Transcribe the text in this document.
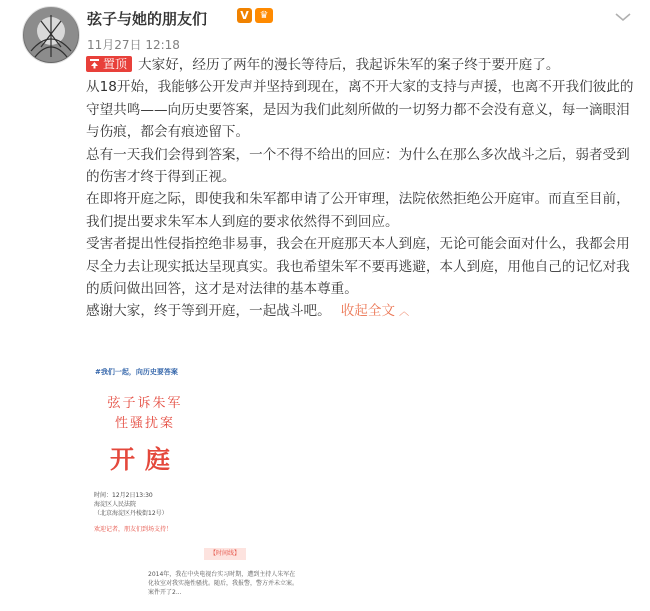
弦子与她的朋友们	V	♛
11月27日 12:18

置顶 大家好，经历了两年的漫长等待后，我起诉朱军的案子终于要开庭了。

从18开始，我能够公开发声并坚持到现在，离不开大家的支持与声援，也离不开我们彼此的守望共鸣——向历史要答案，是因为我们此刻所做的一切努力都不会没有意义，每一滴眼泪与伤痕，都会有痕迹留下。

总有一天我们会得到答案，一个不得不给出的回应：为什么在那么多次战斗之后，弱者受到的伤害才终于得到正视。

在即将开庭之际，即使我和朱军都申请了公开审理，法院依然拒绝公开庭审。而直至目前，我们提出要求朱军本人到庭的要求依然得不到回应。

受害者提出性侵指控绝非易事，我会在开庭那天本人到庭，无论可能会面对什么，我都会用尽全力去让现实抵达呈现真实。我也希望朱军不要再逃避，本人到庭，用他自己的记忆对我的质问做出回答，这才是对法律的基本尊重。

感谢大家，终于等到开庭，一起战斗吧。 收起全文 ︿

#我们一起，向历史要答案
弦子诉朱军
性骚扰案
开庭
时间：12月2日13:30
海淀区人民法院
（北京海淀区丹棱街12号）
欢迎记者，朋友们到场支持！
【时间线】
2014年，我在中央电视台实习时期，遭到主持人朱军在化妆室对我实施性骚扰。随后，我报警，警方并未立案。案件开了2...
